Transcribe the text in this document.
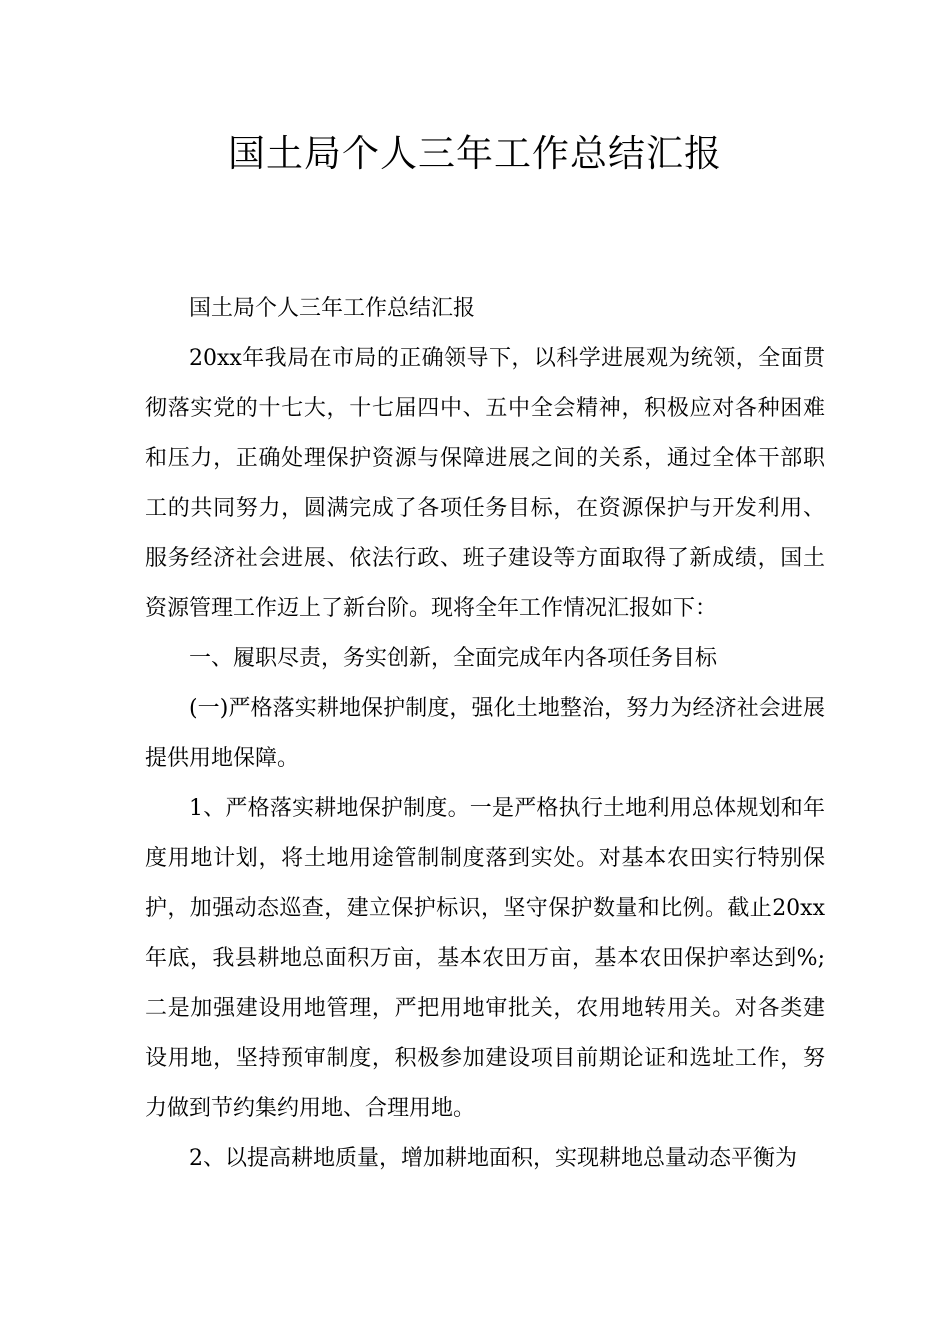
国土局个人三年工作总结汇报

国土局个人三年工作总结汇报

20xx年我局在市局的正确领导下，以科学进展观为统领，全面贯彻落实党的十七大，十七届四中、五中全会精神，积极应对各种困难和压力，正确处理保护资源与保障进展之间的关系，通过全体干部职工的共同努力，圆满完成了各项任务目标，在资源保护与开发利用、服务经济社会进展、依法行政、班子建设等方面取得了新成绩，国土资源管理工作迈上了新台阶。现将全年工作情况汇报如下：

一、履职尽责，务实创新，全面完成年内各项任务目标

(一)严格落实耕地保护制度，强化土地整治，努力为经济社会进展提供用地保障。

1、严格落实耕地保护制度。一是严格执行土地利用总体规划和年度用地计划，将土地用途管制制度落到实处。对基本农田实行特别保护，加强动态巡查，建立保护标识，坚守保护数量和比例。截止20xx年底，我县耕地总面积万亩，基本农田万亩，基本农田保护率达到%;二是加强建设用地管理，严把用地审批关，农用地转用关。对各类建设用地，坚持预审制度，积极参加建设项目前期论证和选址工作，努力做到节约集约用地、合理用地。

2、以提高耕地质量，增加耕地面积，实现耕地总量动态平衡为
